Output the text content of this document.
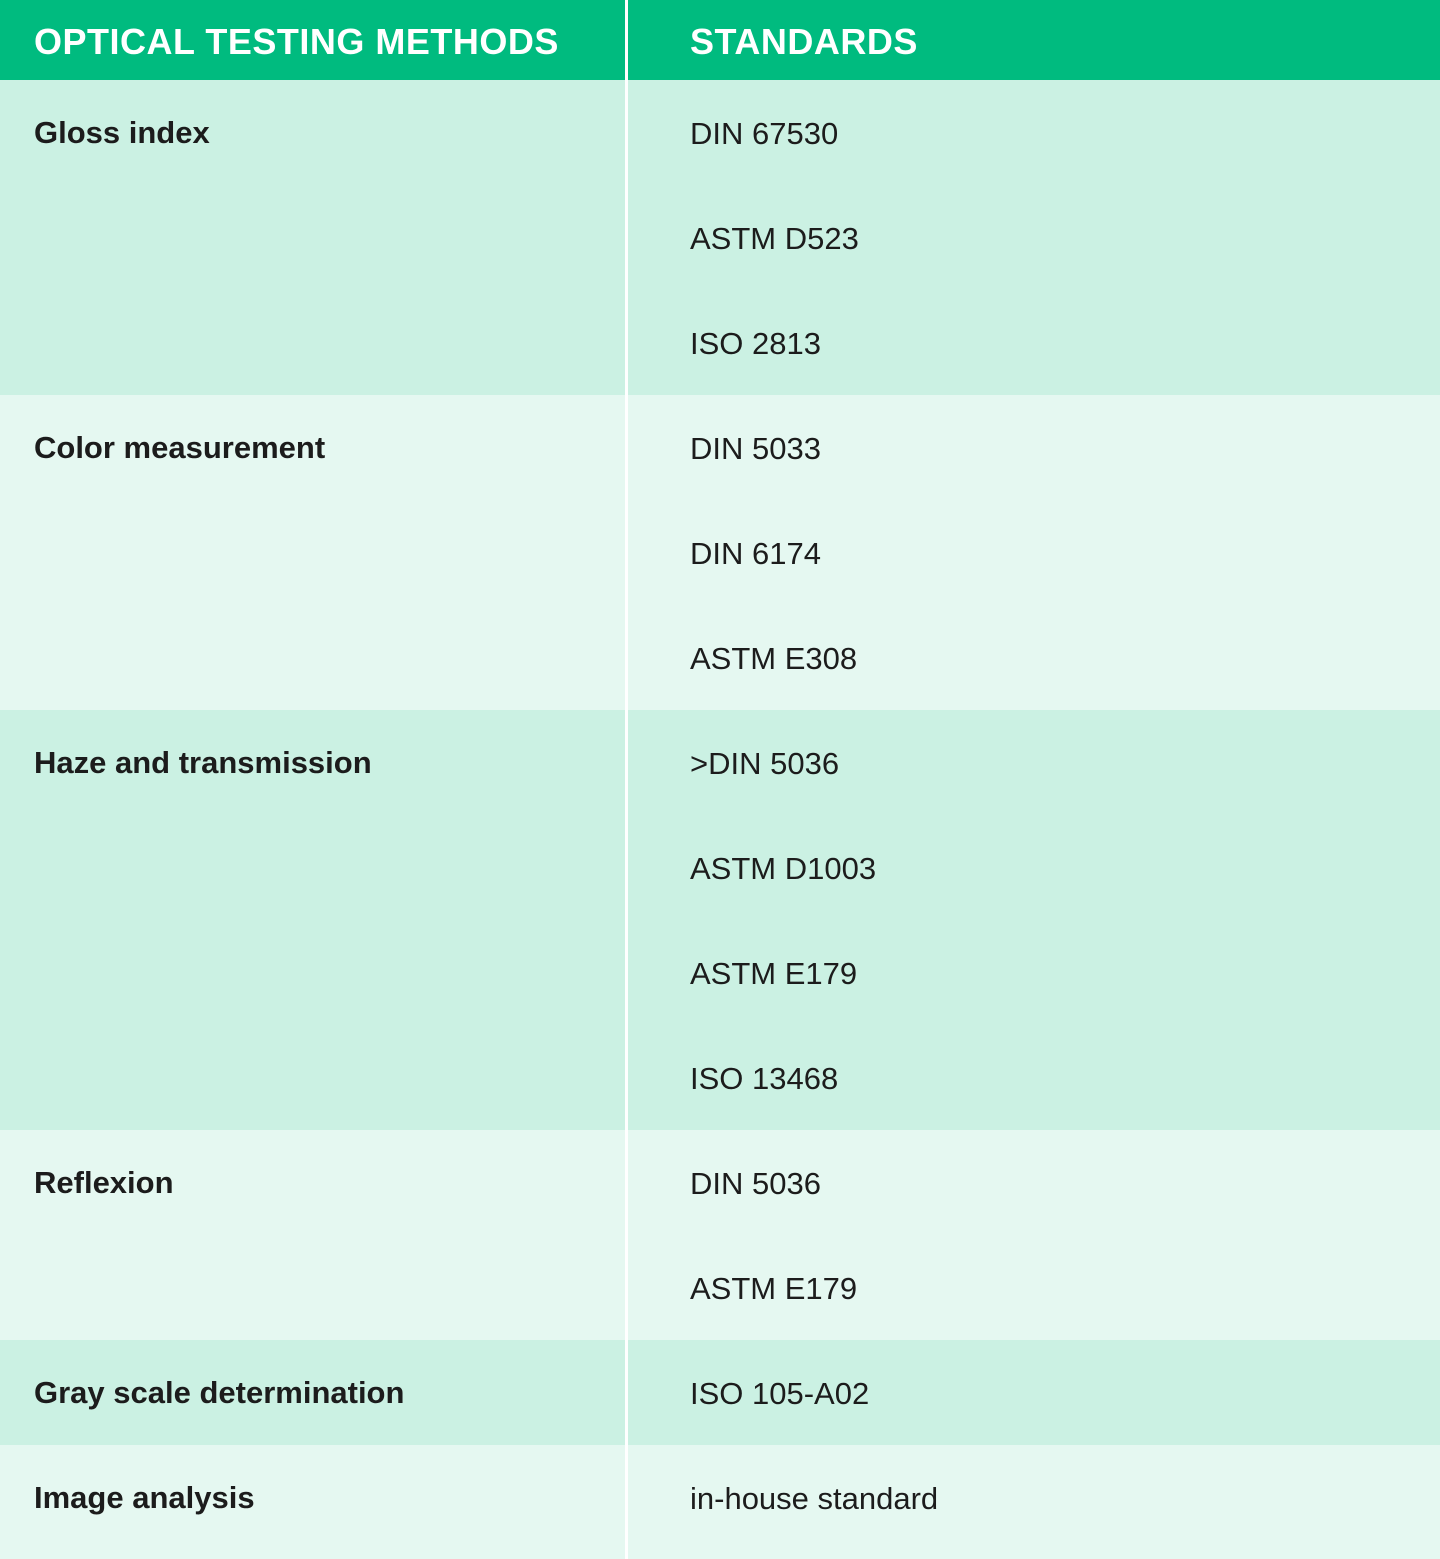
OPTICAL TESTING METHODS	STANDARDS
Gloss index	DIN 67530
ASTM D523
ISO 2813
Color measurement	DIN 5033
DIN 6174
ASTM E308
Haze and transmission	>DIN 5036
ASTM D1003
ASTM E179
ISO 13468
Reflexion	DIN 5036
ASTM E179
Gray scale determination	ISO 105-A02
Image analysis	in-house standard
